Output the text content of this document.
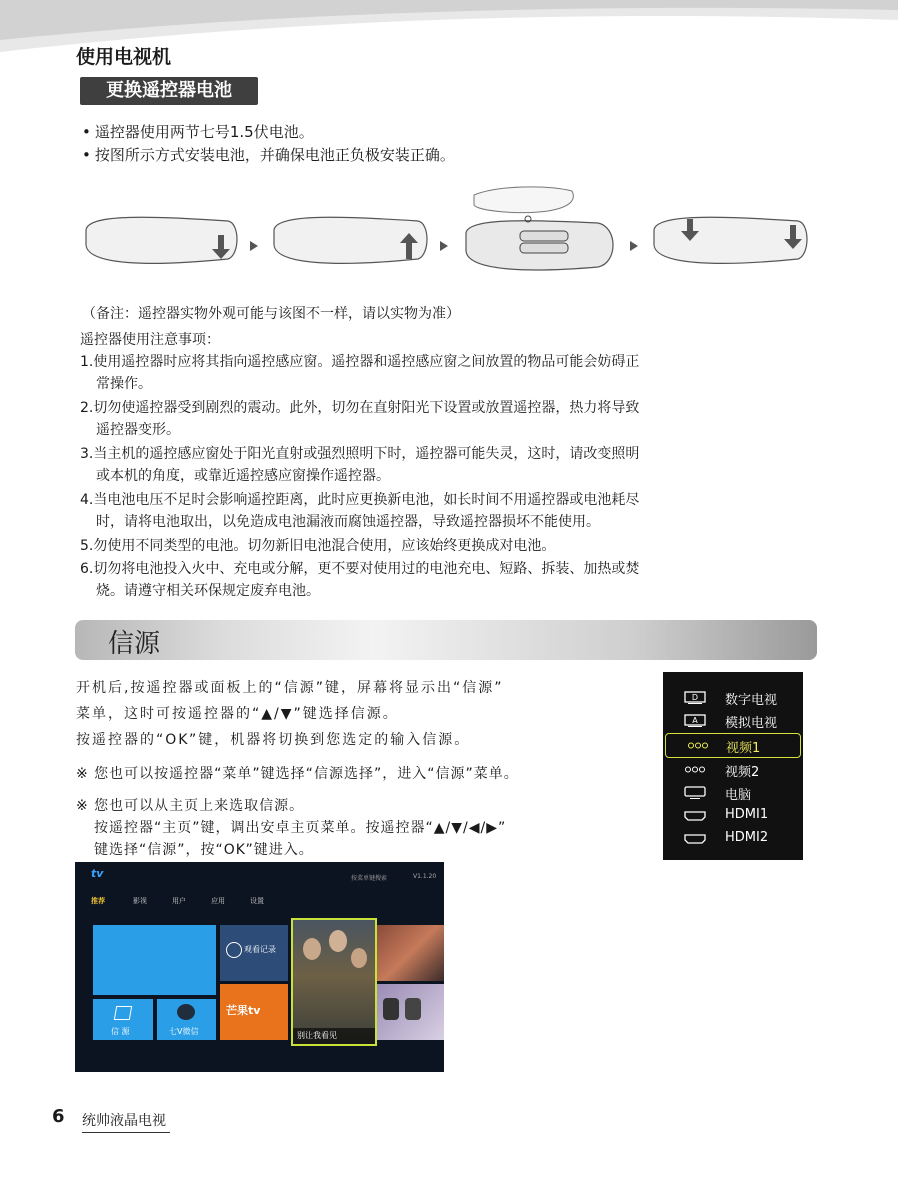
使用电视机
更换遥控器电池
• 遥控器使用两节七号1.5伏电池。
• 按图所示方式安装电池，并确保电池正负极安装正确。
（备注：遥控器实物外观可能与该图不一样，请以实物为准）
遥控器使用注意事项：
1.使用遥控器时应将其指向遥控感应窗。遥控器和遥控感应窗之间放置的物品可能会妨碍正
常操作。
2.切勿使遥控器受到剧烈的震动。此外，切勿在直射阳光下设置或放置遥控器，热力将导致
遥控器变形。
3.当主机的遥控感应窗处于阳光直射或强烈照明下时，遥控器可能失灵，这时，请改变照明
或本机的角度，或靠近遥控感应窗操作遥控器。
4.当电池电压不足时会影响遥控距离，此时应更换新电池，如长时间不用遥控器或电池耗尽
时，请将电池取出，以免造成电池漏液而腐蚀遥控器，导致遥控器损坏不能使用。
5.勿使用不同类型的电池。切勿新旧电池混合使用，应该始终更换成对电池。
6.切勿将电池投入火中、充电或分解，更不要对使用过的电池充电、短路、拆装、加热或焚
烧。请遵守相关环保规定废弃电池。
信源
开机后,按遥控器或面板上的“信源”键，屏幕将显示出“信源”
菜单，这时可按遥控器的“▲/▼”键选择信源。
按遥控器的“OK”键，机器将切换到您选定的输入信源。
※ 您也可以按遥控器“菜单”键选择“信源选择”，进入“信源”菜单。
※ 您也可以从主页上来选取信源。
按遥控器“主页”键，调出安卓主页菜单。按遥控器“▲/▼/◀/▶”
键选择“信源”，按“OK”键进入。
D 数字电视
A 模拟电视
视频1
视频2
电脑
HDMI1
HDMI2
tv	按菜单键搜索	V1.1.20
推荐	影视	用户	应用	设置
观看记录
芒果tv
信 源	七V微信	别让我看见
6 统帅液晶电视
